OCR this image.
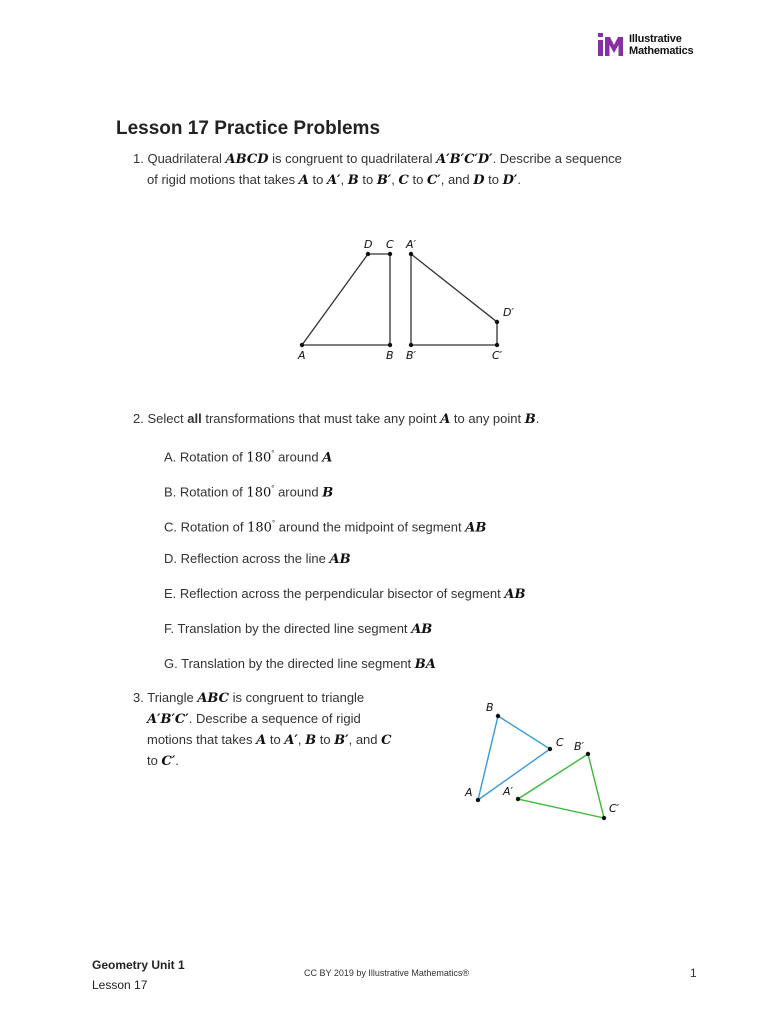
Illustrative
Mathematics
Lesson 17 Practice Problems
1. Quadrilateral ABCD is congruent to quadrilateral A′B′C′D′. Describe a sequence
of rigid motions that takes A to A′, B to B′, C to C′, and D to D′.
A	B
C
D
B′	C′
D′
A′
2. Select all transformations that must take any point A to any point B.
A. Rotation of 180° around A
B. Rotation of 180° around B
C. Rotation of 180° around the midpoint of segment AB
D. Reflection across the line AB
E. Reflection across the perpendicular bisector of segment AB
F. Translation by the directed line segment AB
G. Translation by the directed line segment BA
3. Triangle ABC is congruent to triangle
A′B′C′. Describe a sequence of rigid
motions that takes A to A′, B to B′, and C
to C′.
A
B
C
A′
B′
C′
Geometry Unit 1
Lesson 17
CC BY 2019 by Illustrative Mathematics®	1
